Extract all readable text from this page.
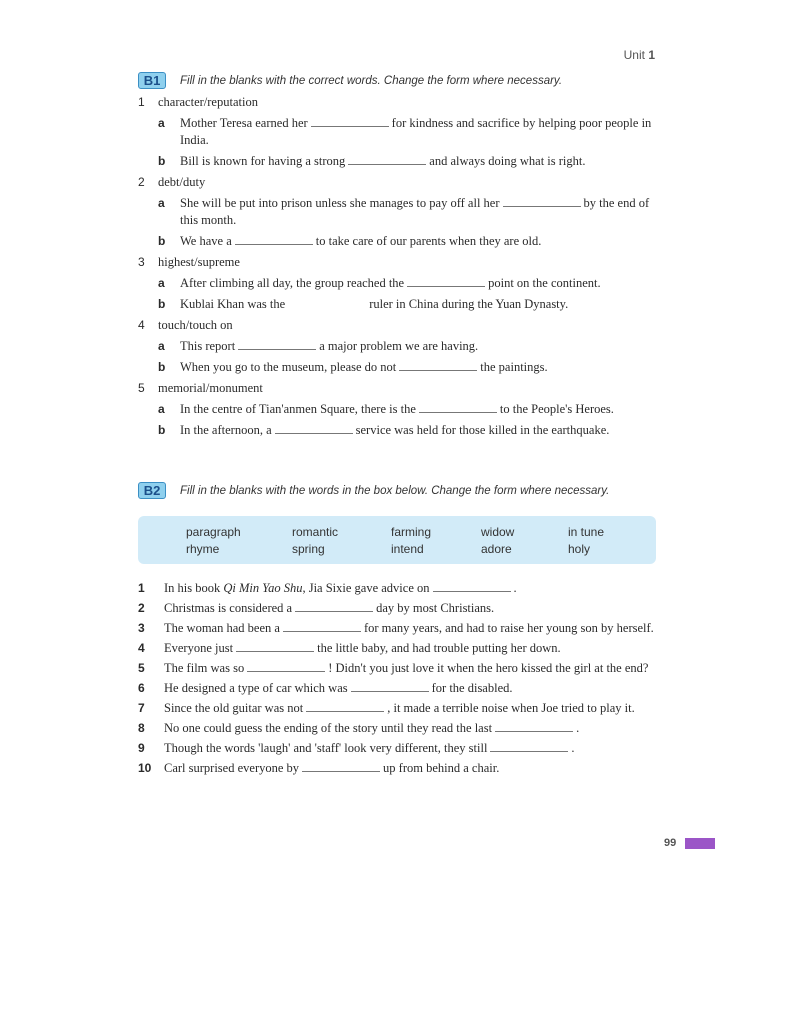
Unit 1
B1	Fill in the blanks with the correct words. Change the form where necessary.
1	character/reputation
a	Mother Teresa earned her	for kindness and sacrifice by helping poor people in India.
b	Bill is known for having a strong	and always doing what is right.
2	debt/duty
a	She will be put into prison unless she manages to pay off all her	by the end of this month.
b	We have a	to take care of our parents when they are old.
3	highest/supreme
a	After climbing all day, the group reached the	point on the continent.
b	Kublai Khan was the	ruler in China during the Yuan Dynasty.
4	touch/touch on
a	This report	a major problem we are having.
b	When you go to the museum, please do not	the paintings.
5	memorial/monument
a	In the centre of Tian'anmen Square, there is the	to the People's Heroes.
b	In the afternoon, a	service was held for those killed in the earthquake.
B2	Fill in the blanks with the words in the box below. Change the form where necessary.
paragraph	romantic	farming	widow	in tune
rhyme	spring	intend	adore	holy
1	In his book Qi Min Yao Shu, Jia Sixie gave advice on	.
2	Christmas is considered a	day by most Christians.
3	The woman had been a	for many years, and had to raise her young son by herself.
4	Everyone just	the little baby, and had trouble putting her down.
5	The film was so	! Didn't you just love it when the hero kissed the girl at the end?
6	He designed a type of car which was	for the disabled.
7	Since the old guitar was not	, it made a terrible noise when Joe tried to play it.
8	No one could guess the ending of the story until they read the last	.
9	Though the words 'laugh' and 'staff' look very different, they still	.
10	Carl surprised everyone by	up from behind a chair.
99
